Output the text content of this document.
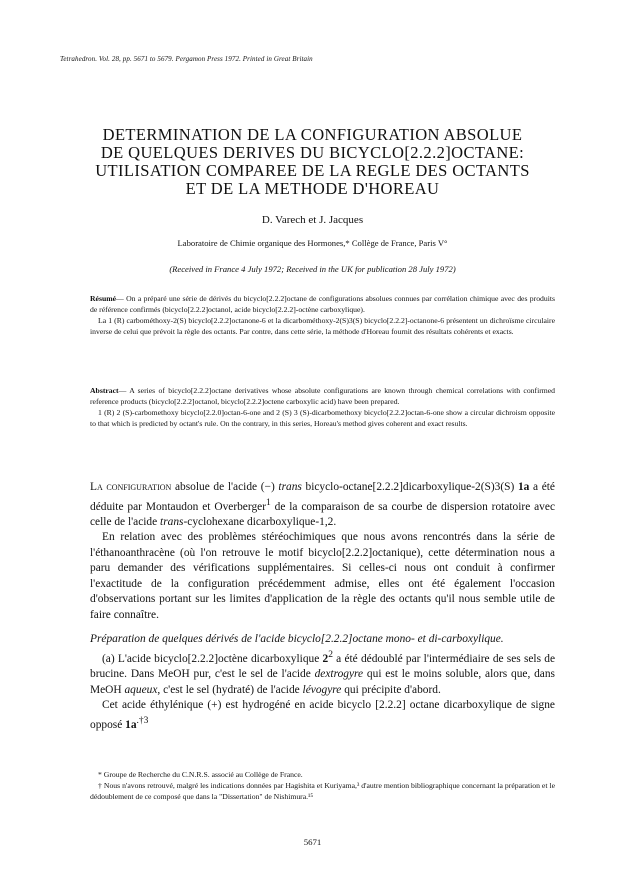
Tetrahedron. Vol. 28, pp. 5671 to 5679. Pergamon Press 1972. Printed in Great Britain
DETERMINATION DE LA CONFIGURATION ABSOLUE
DE QUELQUES DERIVES DU BICYCLO[2.2.2]OCTANE:
UTILISATION COMPAREE DE LA REGLE DES OCTANTS
ET DE LA METHODE D'HOREAU
D. Varech et J. Jacques
Laboratoire de Chimie organique des Hormones,* Collège de France, Paris V°
(Received in France 4 July 1972; Received in the UK for publication 28 July 1972)

Résumé— On a préparé une série de dérivés du bicyclo[2.2.2]octane de configurations absolues connues par corrélation chimique avec des produits de référence confirmés (bicyclo[2.2.2]octanol, acide bicyclo[2.2.2]-octène carboxylique).

La 1 (R) carbométhoxy-2(S) bicyclo[2.2.2]octanone-6 et la dicarbométhoxy-2(S)3(S) bicyclo[2.2.2]-octanone-6 présentent un dichroïsme circulaire inverse de celui que prévoit la règle des octants. Par contre, dans cette série, la méthode d'Horeau fournit des résultats cohérents et exacts.

Abstract— A series of bicyclo[2.2.2]octane derivatives whose absolute configurations are known through chemical correlations with confirmed reference products (bicyclo[2.2.2]octanol, bicyclo[2.2.2]octene carboxylic acid) have been prepared.

1 (R) 2 (S)-carbomethoxy bicyclo[2.2.0]octan-6-one and 2 (S) 3 (S)-dicarbomethoxy bicyclo[2.2.2]octan-6-one show a circular dichroism opposite to that which is predicted by octant's rule. On the contrary, in this series, Horeau's method gives coherent and exact results.

La configuration absolue de l'acide (−) trans bicyclo-octane[2.2.2]dicarboxylique-2(S)3(S) 1a a été déduite par Montaudon et Overberger$^1$ de la comparaison de sa courbe de dispersion rotatoire avec celle de l'acide trans-cyclohexane dicarboxylique-1,2.

En relation avec des problèmes stéréochimiques que nous avons rencontrés dans la série de l'éthanoanthracène (où l'on retrouve le motif bicyclo[2.2.2]octanique), cette détermination nous a paru demander des vérifications supplémentaires. Si celles-ci nous ont conduit à confirmer l'exactitude de la configuration précédemment admise, elles ont été également l'occasion d'observations portant sur les limites d'application de la règle des octants qu'il nous semble utile de faire connaître.

Préparation de quelques dérivés de l'acide bicyclo[2.2.2]octane mono- et di-carboxylique.

(a) L'acide bicyclo[2.2.2]octène dicarboxylique $2^2$ a été dédoublé par l'intermédiaire de ses sels de brucine. Dans MeOH pur, c'est le sel de l'acide dextrogyre qui est le moins soluble, alors que, dans MeOH aqueux, c'est le sel (hydraté) de l'acide lévogyre qui précipite d'abord.

Cet acide éthylénique (+) est hydrogéné en acide bicyclo [2.2.2] octane dicarboxylique de signe opposé $1a^{.\dagger 3}$

* Groupe de Recherche du C.N.R.S. associé au Collège de France.

† Nous n'avons retrouvé, malgré les indications données par Hagishita et Kuriyama,³ d'autre mention bibliographique concernant la préparation et le dédoublement de ce composé que dans la "Dissertation" de Nishimura.¹⁵

5671
